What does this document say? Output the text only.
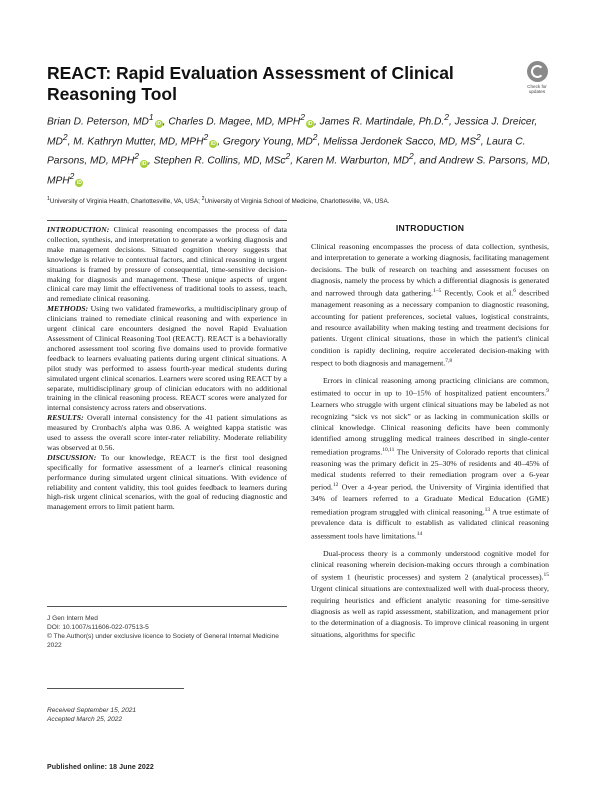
Check for updates
REACT: Rapid Evaluation Assessment of Clinical Reasoning Tool
Brian D. Peterson, $MD^1iD$ , Charles D. Magee, MD, MPH$^2$iD , James R. Martindale, Ph.D.$^2$, Jessica J. Dreicer, $MD^2$, M. Kathryn Mutter, MD, MPH$^2$iD , Gregory Young, $MD^2$, Melissa Jerdonek Sacco, MD, $MS^2$, Laura C. Parsons, MD, MPH$^2$iD , Stephen R. Collins, MD, MSc$^2$, Karen M. Warburton, $MD^2$, and Andrew S. Parsons, MD, MPH$^2$iD
$^1$University of Virginia Health, Charlottesville, VA, USA; $^2$University of Virginia School of Medicine, Charlottesville, VA, USA.

INTRODUCTION: Clinical reasoning encompasses the process of data collection, synthesis, and interpretation to generate a working diagnosis and make management decisions. Situated cognition theory suggests that knowledge is relative to contextual factors, and clinical reasoning in urgent situations is framed by pressure of consequential, time-sensitive decision-making for diagnosis and management. These unique aspects of urgent clinical care may limit the effectiveness of traditional tools to assess, teach, and remediate clinical reasoning.

METHODS: Using two validated frameworks, a multidisciplinary group of clinicians trained to remediate clinical reasoning and with experience in urgent clinical care encounters designed the novel Rapid Evaluation Assessment of Clinical Reasoning Tool (REACT). REACT is a behaviorally anchored assessment tool scoring five domains used to provide formative feedback to learners evaluating patients during urgent clinical situations. A pilot study was performed to assess fourth-year medical students during simulated urgent clinical scenarios. Learners were scored using REACT by a separate, multidisciplinary group of clinician educators with no additional training in the clinical reasoning process. REACT scores were analyzed for internal consistency across raters and observations.

RESULTS: Overall internal consistency for the 41 patient simulations as measured by Cronbach's alpha was 0.86. A weighted kappa statistic was used to assess the overall score inter-rater reliability. Moderate reliability was observed at 0.56.

DISCUSSION: To our knowledge, REACT is the first tool designed specifically for formative assessment of a learner's clinical reasoning performance during simulated urgent clinical situations. With evidence of reliability and content validity, this tool guides feedback to learners during high-risk urgent clinical scenarios, with the goal of reducing diagnostic and management errors to limit patient harm.

J Gen Intern Med
DOI: 10.1007/s11606-022-07513-5
© The Author(s) under exclusive licence to Society of General Internal Medicine 2022
Received September 15, 2021
Accepted March 25, 2022
Published online: 18 June 2022
INTRODUCTION

Clinical reasoning encompasses the process of data collection, synthesis, and interpretation to generate a working diagnosis, facilitating management decisions. The bulk of research on teaching and assessment focuses on diagnosis, namely the process by which a differential diagnosis is generated and narrowed through data gathering.$^{1-5}$ Recently, Cook et al.$^6$ described management reasoning as a necessary companion to diagnostic reasoning, accounting for patient preferences, societal values, logistical constraints, and resource availability when making testing and treatment decisions for patients. Urgent clinical situations, those in which the patient's clinical condition is rapidly declining, require accelerated decision-making with respect to both diagnosis and management.$^{7,8}$

Errors in clinical reasoning among practicing clinicians are common, estimated to occur in up to 10–15% of hospitalized patient encounters.$^9$ Learners who struggle with urgent clinical situations may be labeled as not recognizing “sick vs not sick” or as lacking in communication skills or clinical knowledge. Clinical reasoning deficits have been commonly identified among struggling medical trainees described in single-center remediation programs.$^{10,11}$ The University of Colorado reports that clinical reasoning was the primary deficit in 25–30% of residents and 40–45% of medical students referred to their remediation program over a 6-year period.$^{12}$ Over a 4-year period, the University of Virginia identified that 34% of learners referred to a Graduate Medical Education (GME) remediation program struggled with clinical reasoning.$^{13}$ A true estimate of prevalence data is difficult to establish as validated clinical reasoning assessment tools have limitations.$^{14}$

Dual-process theory is a commonly understood cognitive model for clinical reasoning wherein decision-making occurs through a combination of system 1 (heuristic processes) and system 2 (analytical processes).$^{15}$ Urgent clinical situations are contextualized well with dual-process theory, requiring heuristics and efficient analytic reasoning for time-sensitive diagnosis as well as rapid assessment, stabilization, and management prior to the determination of a diagnosis. To improve clinical reasoning in urgent situations, algorithms for specific
